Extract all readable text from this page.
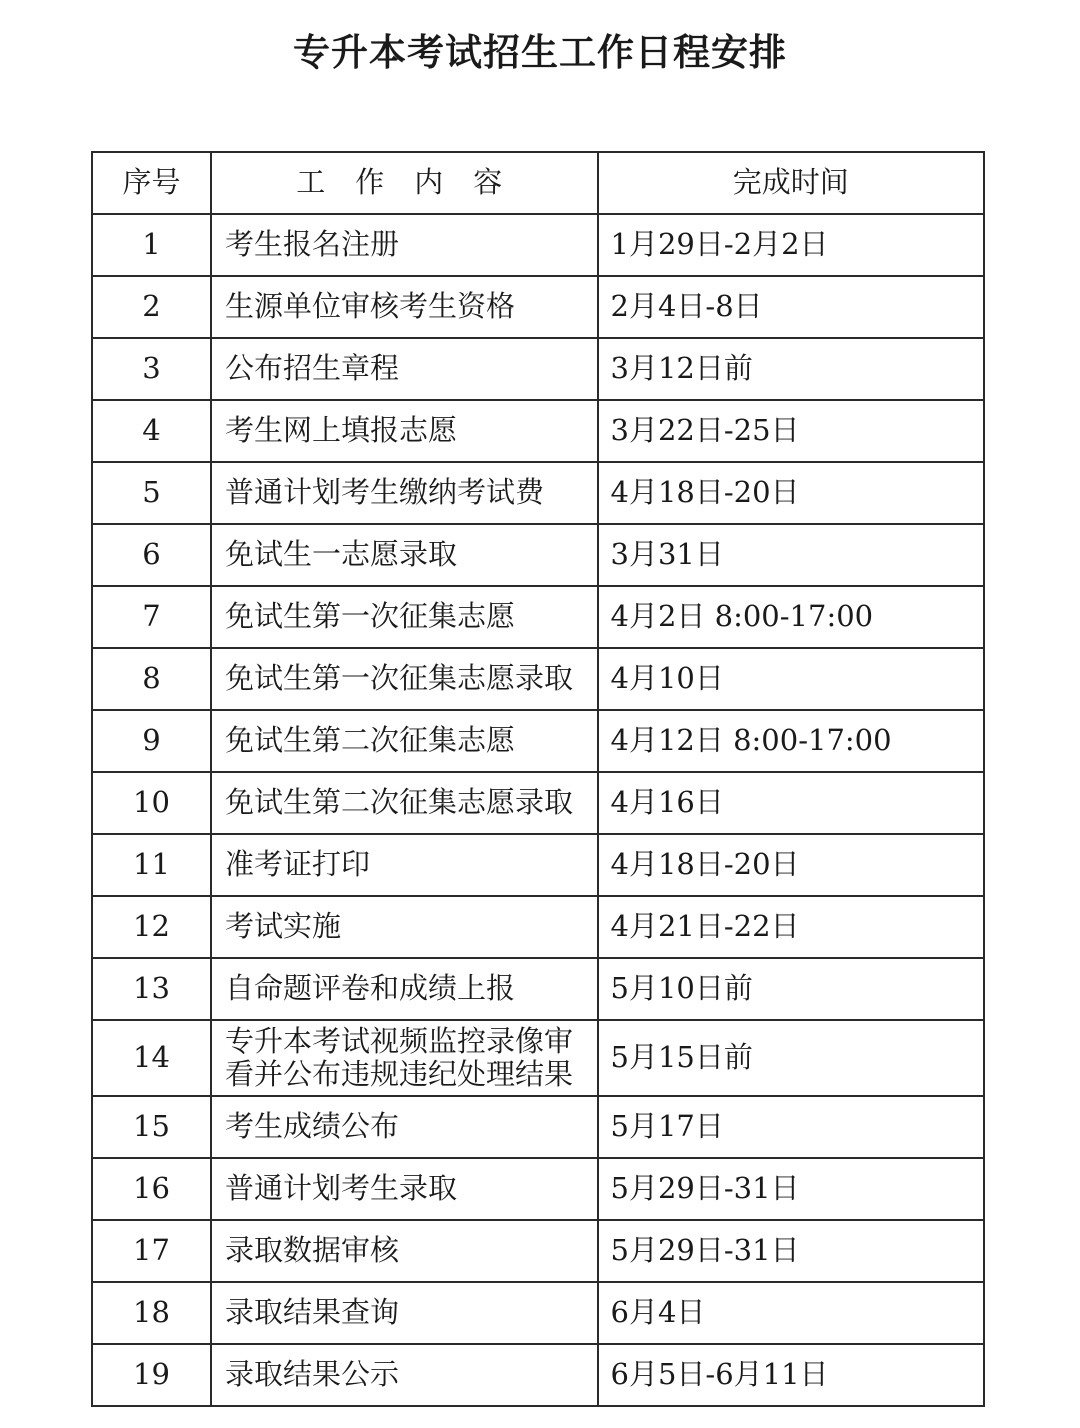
专升本考试招生工作日程安排
序号	工作内容	完成时间
1	考生报名注册	1月29日-2月2日
2	生源单位审核考生资格	2月4日-8日
3	公布招生章程	3月12日前
4	考生网上填报志愿	3月22日-25日
5	普通计划考生缴纳考试费	4月18日-20日
6	免试生一志愿录取	3月31日
7	免试生第一次征集志愿	4月2日 8:00-17:00
8	免试生第一次征集志愿录取	4月10日
9	免试生第二次征集志愿	4月12日 8:00-17:00
10	免试生第二次征集志愿录取	4月16日
11	准考证打印	4月18日-20日
12	考试实施	4月21日-22日
13	自命题评卷和成绩上报	5月10日前
14	专升本考试视频监控录像审看并公布违规违纪处理结果	5月15日前
15	考生成绩公布	5月17日
16	普通计划考生录取	5月29日-31日
17	录取数据审核	5月29日-31日
18	录取结果查询	6月4日
19	录取结果公示	6月5日-6月11日
